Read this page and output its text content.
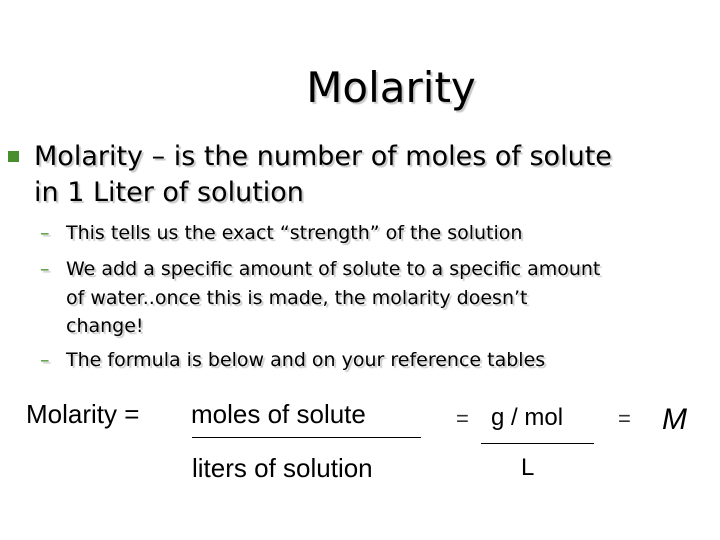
Molarity
Molarity – is the number of moles of solute
in 1 Liter of solution
– This tells us the exact “strength” of the solution
– We add a specific amount of solute to a specific amount
of water..once this is made, the molarity doesn’t
change!
– The formula is below and on your reference tables
Molarity = moles of solute
liters of solution
= g / mol
L
= M
